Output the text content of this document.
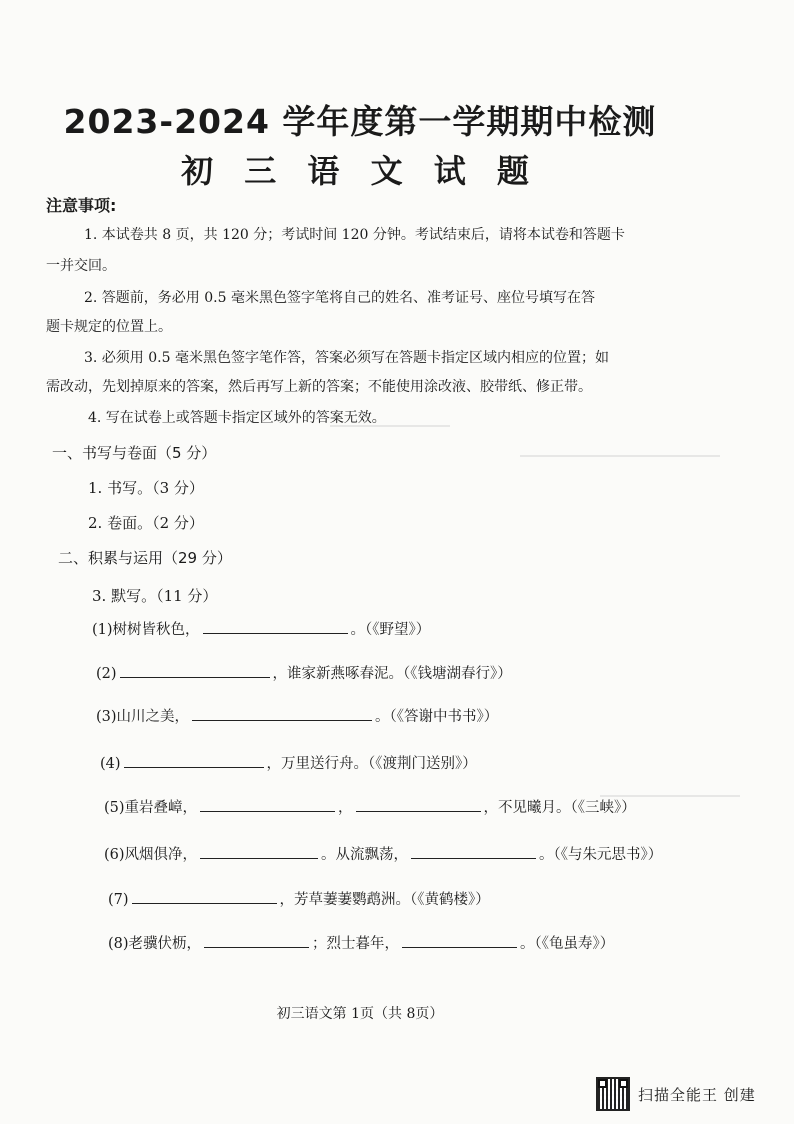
2023-2024 学年度第一学期期中检测
初 三 语 文 试 题
注意事项:
1. 本试卷共 8 页，共 120 分；考试时间 120 分钟。考试结束后，请将本试卷和答题卡
一并交回。
2. 答题前，务必用 0.5 毫米黑色签字笔将自己的姓名、准考证号、座位号填写在答
题卡规定的位置上。
3. 必须用 0.5 毫米黑色签字笔作答，答案必须写在答题卡指定区域内相应的位置；如
需改动，先划掉原来的答案，然后再写上新的答案；不能使用涂改液、胶带纸、修正带。
4. 写在试卷上或答题卡指定区域外的答案无效。
一、书写与卷面（5 分）
1. 书写。（3 分）
2. 卷面。（2 分）
二、积累与运用（29 分）
3. 默写。（11 分）
(1) 树树皆秋色，	。（《野望》）
(2)	，谁家新燕啄春泥。（《钱塘湖春行》）
(3) 山川之美，	。（《答谢中书书》）
(4)	，万里送行舟。（《渡荆门送别》）
(5) 重岩叠嶂，	，	，不见曦月。（《三峡》）
(6) 风烟俱净，	。从流飘荡，	。（《与朱元思书》）
(7)	，芳草萋萋鹦鹉洲。（《黄鹤楼》）
(8) 老骥伏枥，	；烈士暮年，	。（《龟虽寿》）
初三语文第 1页（共 8页）
扫描全能王 创建
